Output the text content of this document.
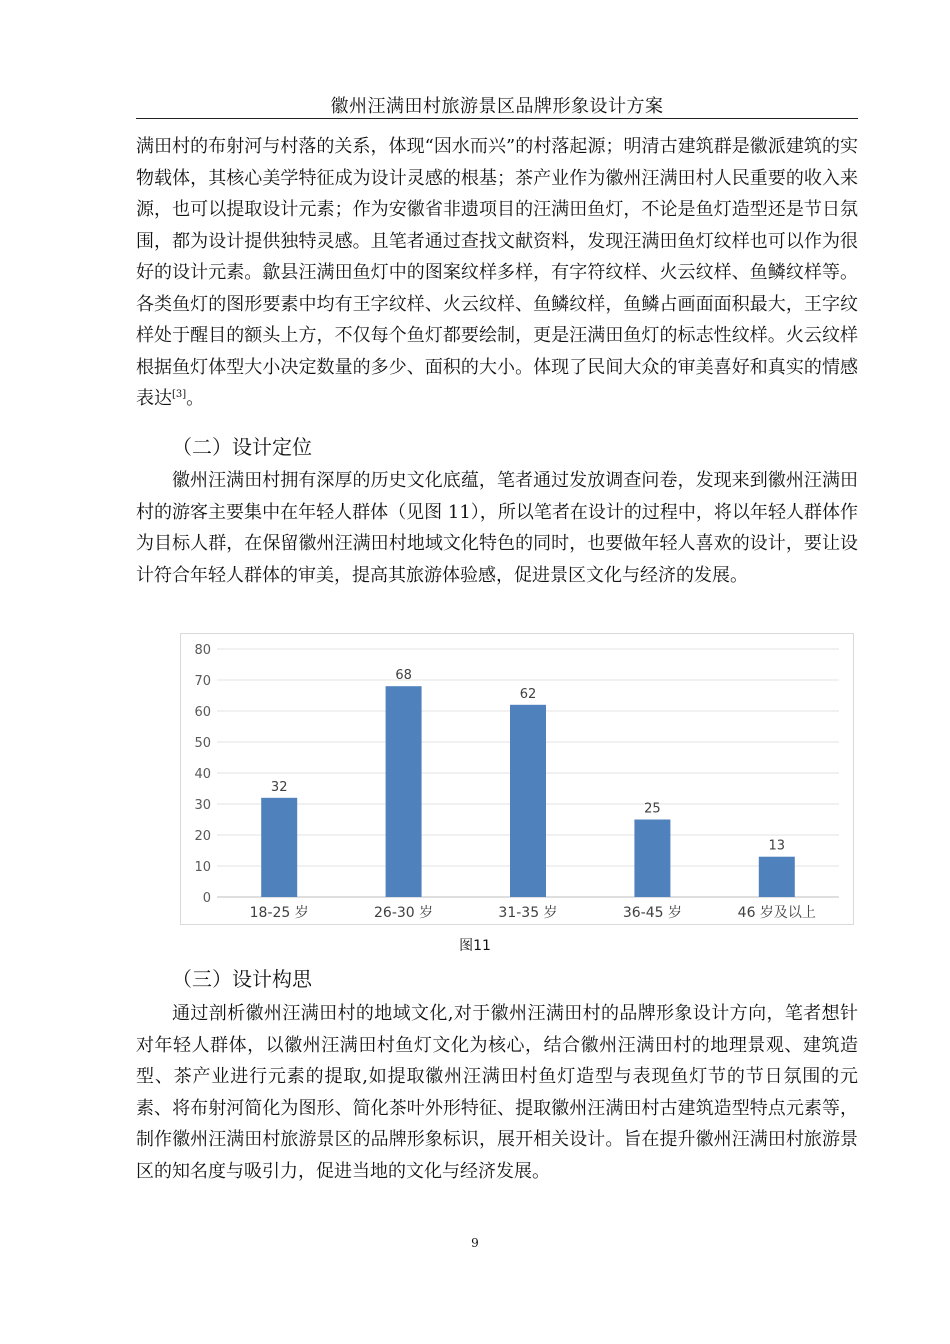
徽州汪满田村旅游景区品牌形象设计方案

满田村的布射河与村落的关系，体现“因水而兴”的村落起源；明清古建筑群是徽派建筑的实物载体，其核心美学特征成为设计灵感的根基；茶产业作为徽州汪满田村人民重要的收入来源，也可以提取设计元素；作为安徽省非遗项目的汪满田鱼灯，不论是鱼灯造型还是节日氛围，都为设计提供独特灵感。且笔者通过查找文献资料，发现汪满田鱼灯纹样也可以作为很好的设计元素。歙县汪满田鱼灯中的图案纹样多样，有字符纹样、火云纹样、鱼鳞纹样等。各类鱼灯的图形要素中均有王字纹样、火云纹样、鱼鳞纹样，鱼鳞占画面面积最大，王字纹样处于醒目的额头上方，不仅每个鱼灯都要绘制，更是汪满田鱼灯的标志性纹样。火云纹样根据鱼灯体型大小决定数量的多少、面积的大小。体现了民间大众的审美喜好和真实的情感表达[3]。

（二）设计定位

徽州汪满田村拥有深厚的历史文化底蕴，笔者通过发放调查问卷，发现来到徽州汪满田村的游客主要集中在年轻人群体（见图 11），所以笔者在设计的过程中，将以年轻人群体作为目标人群，在保留徽州汪满田村地域文化特色的同时，也要做年轻人喜欢的设计，要让设计符合年轻人群体的审美，提高其旅游体验感，促进景区文化与经济的发展。

0
10
20
30
40
50
60
70
80
32
18-25 岁
68
26-30 岁
62
31-35 岁
25
36-45 岁
13
46 岁及以上
图11
（三）设计构思

通过剖析徽州汪满田村的地域文化,对于徽州汪满田村的品牌形象设计方向，笔者想针对年轻人群体，以徽州汪满田村鱼灯文化为核心，结合徽州汪满田村的地理景观、建筑造型、茶产业进行元素的提取,如提取徽州汪满田村鱼灯造型与表现鱼灯节的节日氛围的元素、将布射河简化为图形、简化茶叶外形特征、提取徽州汪满田村古建筑造型特点元素等，制作徽州汪满田村旅游景区的品牌形象标识，展开相关设计。旨在提升徽州汪满田村旅游景区的知名度与吸引力，促进当地的文化与经济发展。

9
